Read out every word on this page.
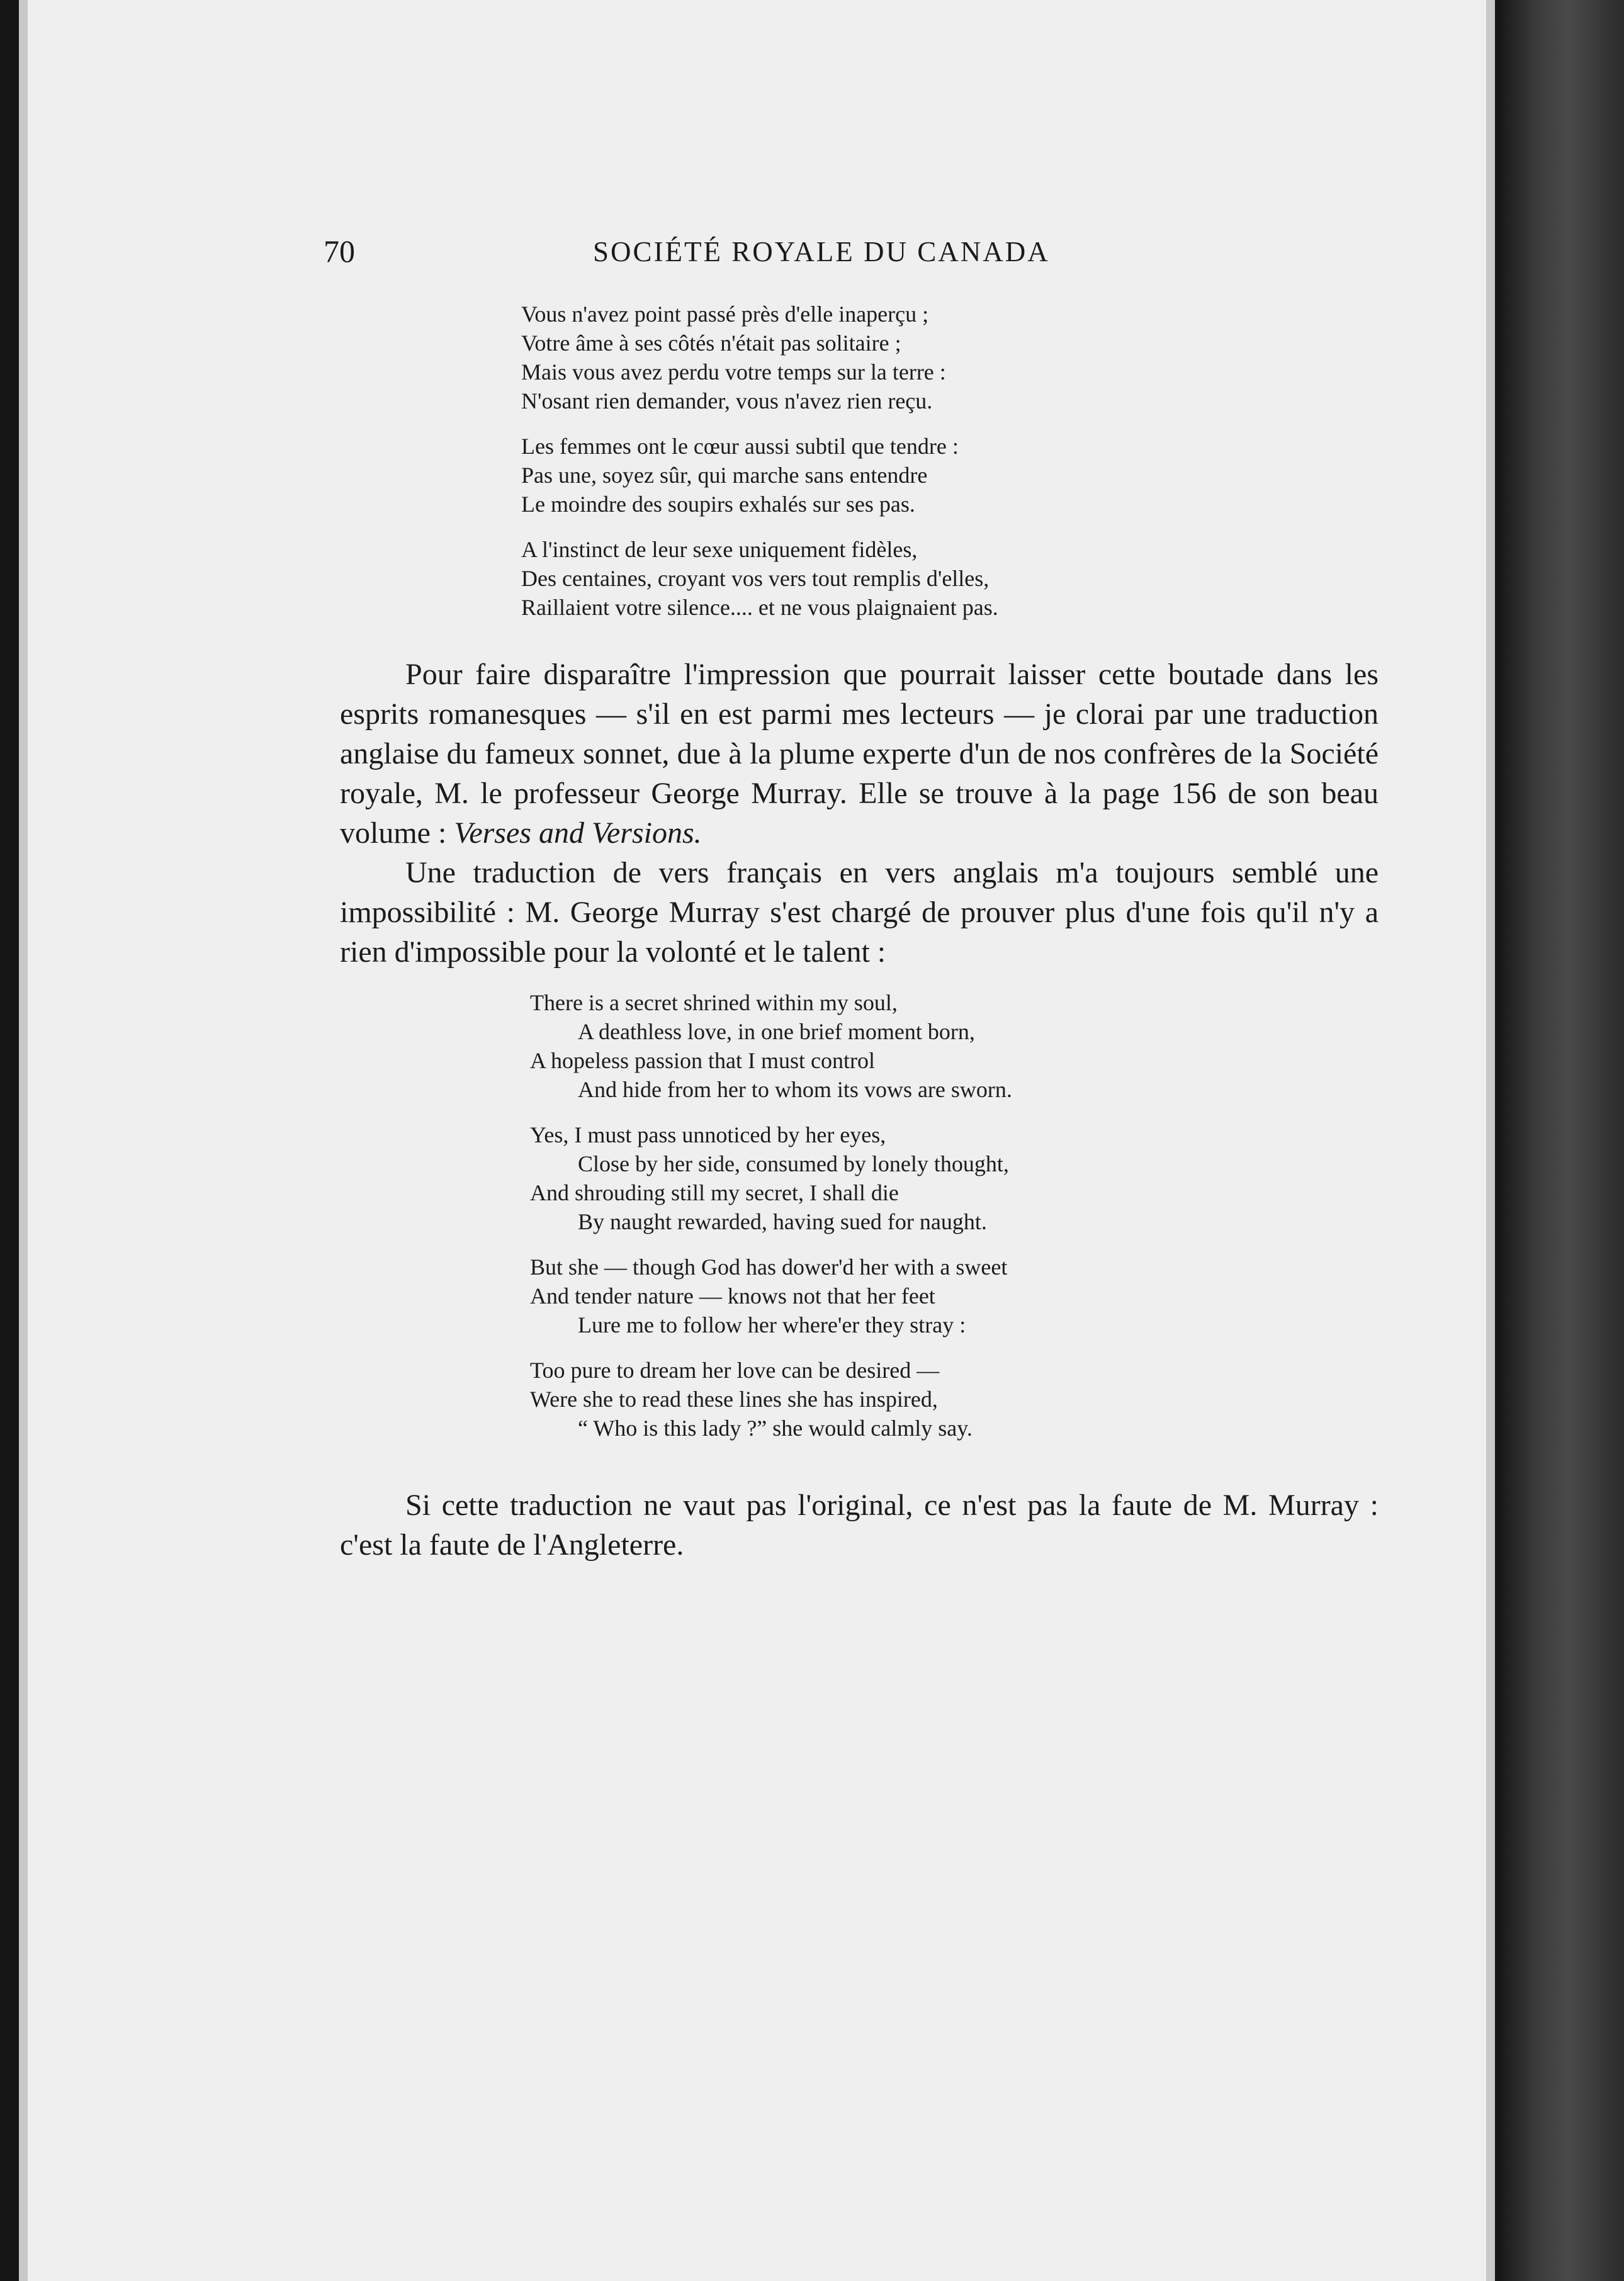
70	SOCIÉTÉ ROYALE DU CANADA
Vous n'avez point passé près d'elle inaperçu ;
Votre âme à ses côtés n'était pas solitaire ;
Mais vous avez perdu votre temps sur la terre :
N'osant rien demander, vous n'avez rien reçu.
Les femmes ont le cœur aussi subtil que tendre :
Pas une, soyez sûr, qui marche sans entendre
Le moindre des soupirs exhalés sur ses pas.
A l'instinct de leur sexe uniquement fidèles,
Des centaines, croyant vos vers tout remplis d'elles,
Raillaient votre silence.... et ne vous plaignaient pas.

Pour faire disparaître l'impression que pourrait laisser cette boutade dans les esprits romanesques — s'il en est parmi mes lecteurs — je clorai par une traduction anglaise du fameux sonnet, due à la plume experte d'un de nos confrères de la Société royale, M. le professeur George Murray. Elle se trouve à la page 156 de son beau volume : Verses and Versions.

Une traduction de vers français en vers anglais m'a toujours semblé une impossibilité : M. George Murray s'est chargé de prouver plus d'une fois qu'il n'y a rien d'impossible pour la volonté et le talent :

There is a secret shrined within my soul,
A deathless love, in one brief moment born,
A hopeless passion that I must control
And hide from her to whom its vows are sworn.
Yes, I must pass unnoticed by her eyes,
Close by her side, consumed by lonely thought,
And shrouding still my secret, I shall die
By naught rewarded, having sued for naught.
But she — though God has dower'd her with a sweet
And tender nature — knows not that her feet
Lure me to follow her where'er they stray :
Too pure to dream her love can be desired —
Were she to read these lines she has inspired,
“ Who is this lady ?” she would calmly say.

Si cette traduction ne vaut pas l'original, ce n'est pas la faute de M. Murray : c'est la faute de l'Angleterre.
